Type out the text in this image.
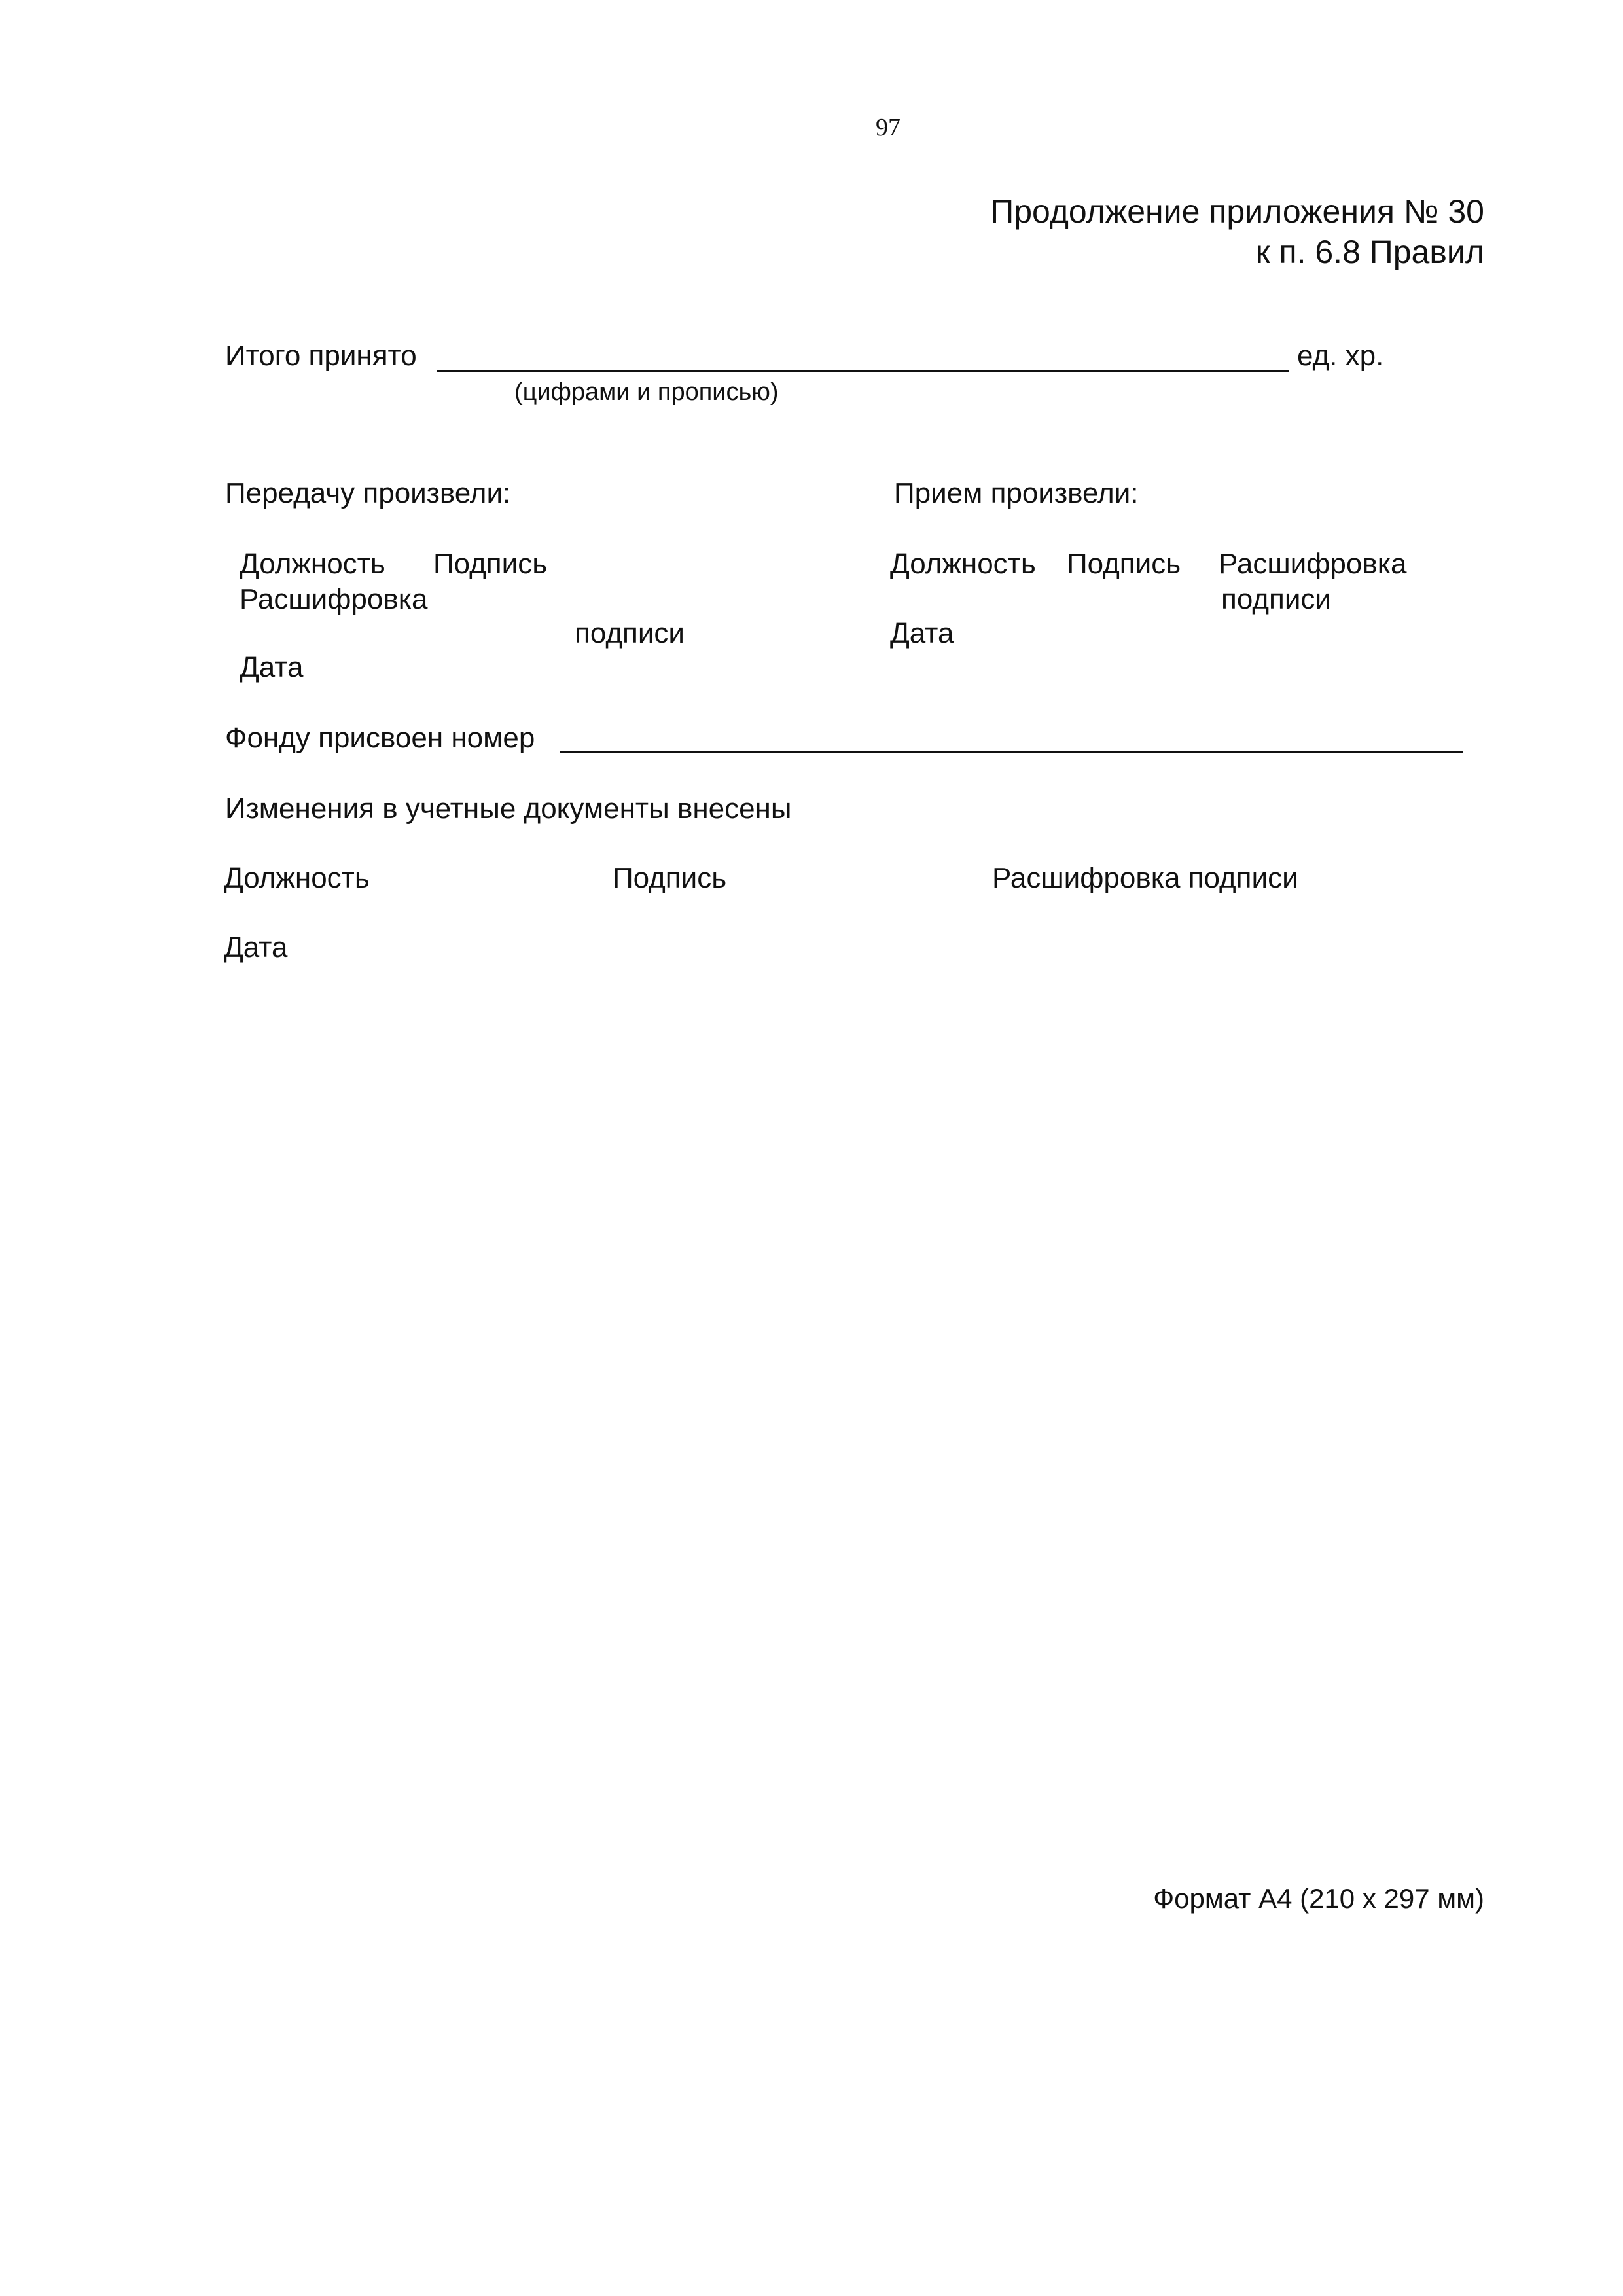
97
Продолжение приложения № 30
к п. 6.8 Правил
Итого принято	ед. хр.
(цифрами и прописью)
Передачу произвели:
Должность Подпись
Расшифровка
подписи
Дата
Прием произвели:
Должность Подпись Расшифровка
подписи
Дата
Фонду присвоен номер
Изменения в учетные документы внесены
Должность	Подпись	Расшифровка подписи
Дата
Формат А4 (210 х 297 мм)
